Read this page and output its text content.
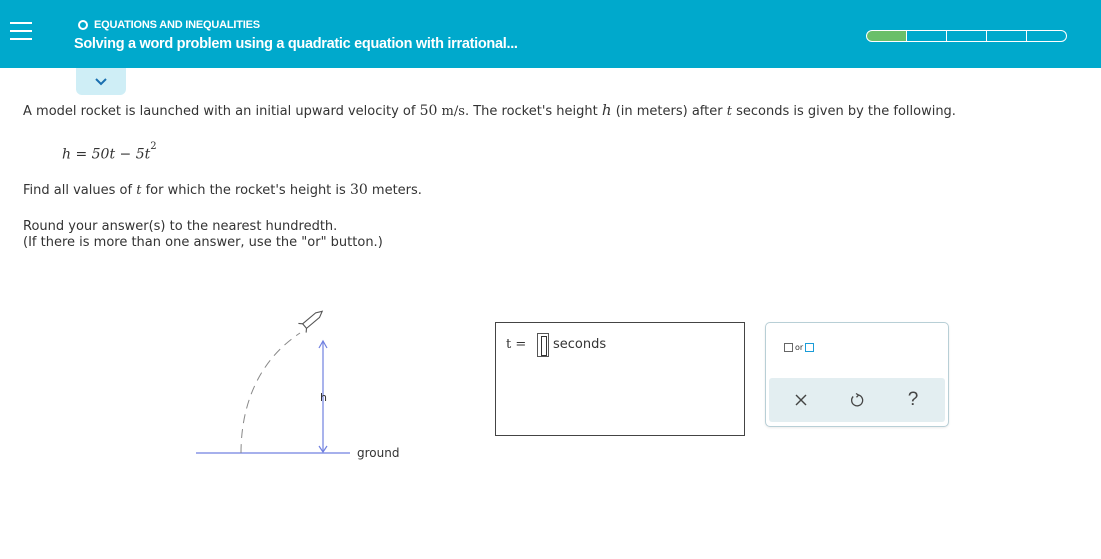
EQUATIONS AND INEQUALITIES
Solving a word problem using a quadratic equation with irrational...
A model rocket is launched with an initial upward velocity of 50 m/s. The rocket's height h (in meters) after t seconds is given by the following.
$h = 50t - 5t^2$
Find all values of t for which the rocket's height is 30 meters.
Round your answer(s) to the nearest hundredth.
(If there is more than one answer, use the "or" button.)
h
ground
t = seconds	or
?
